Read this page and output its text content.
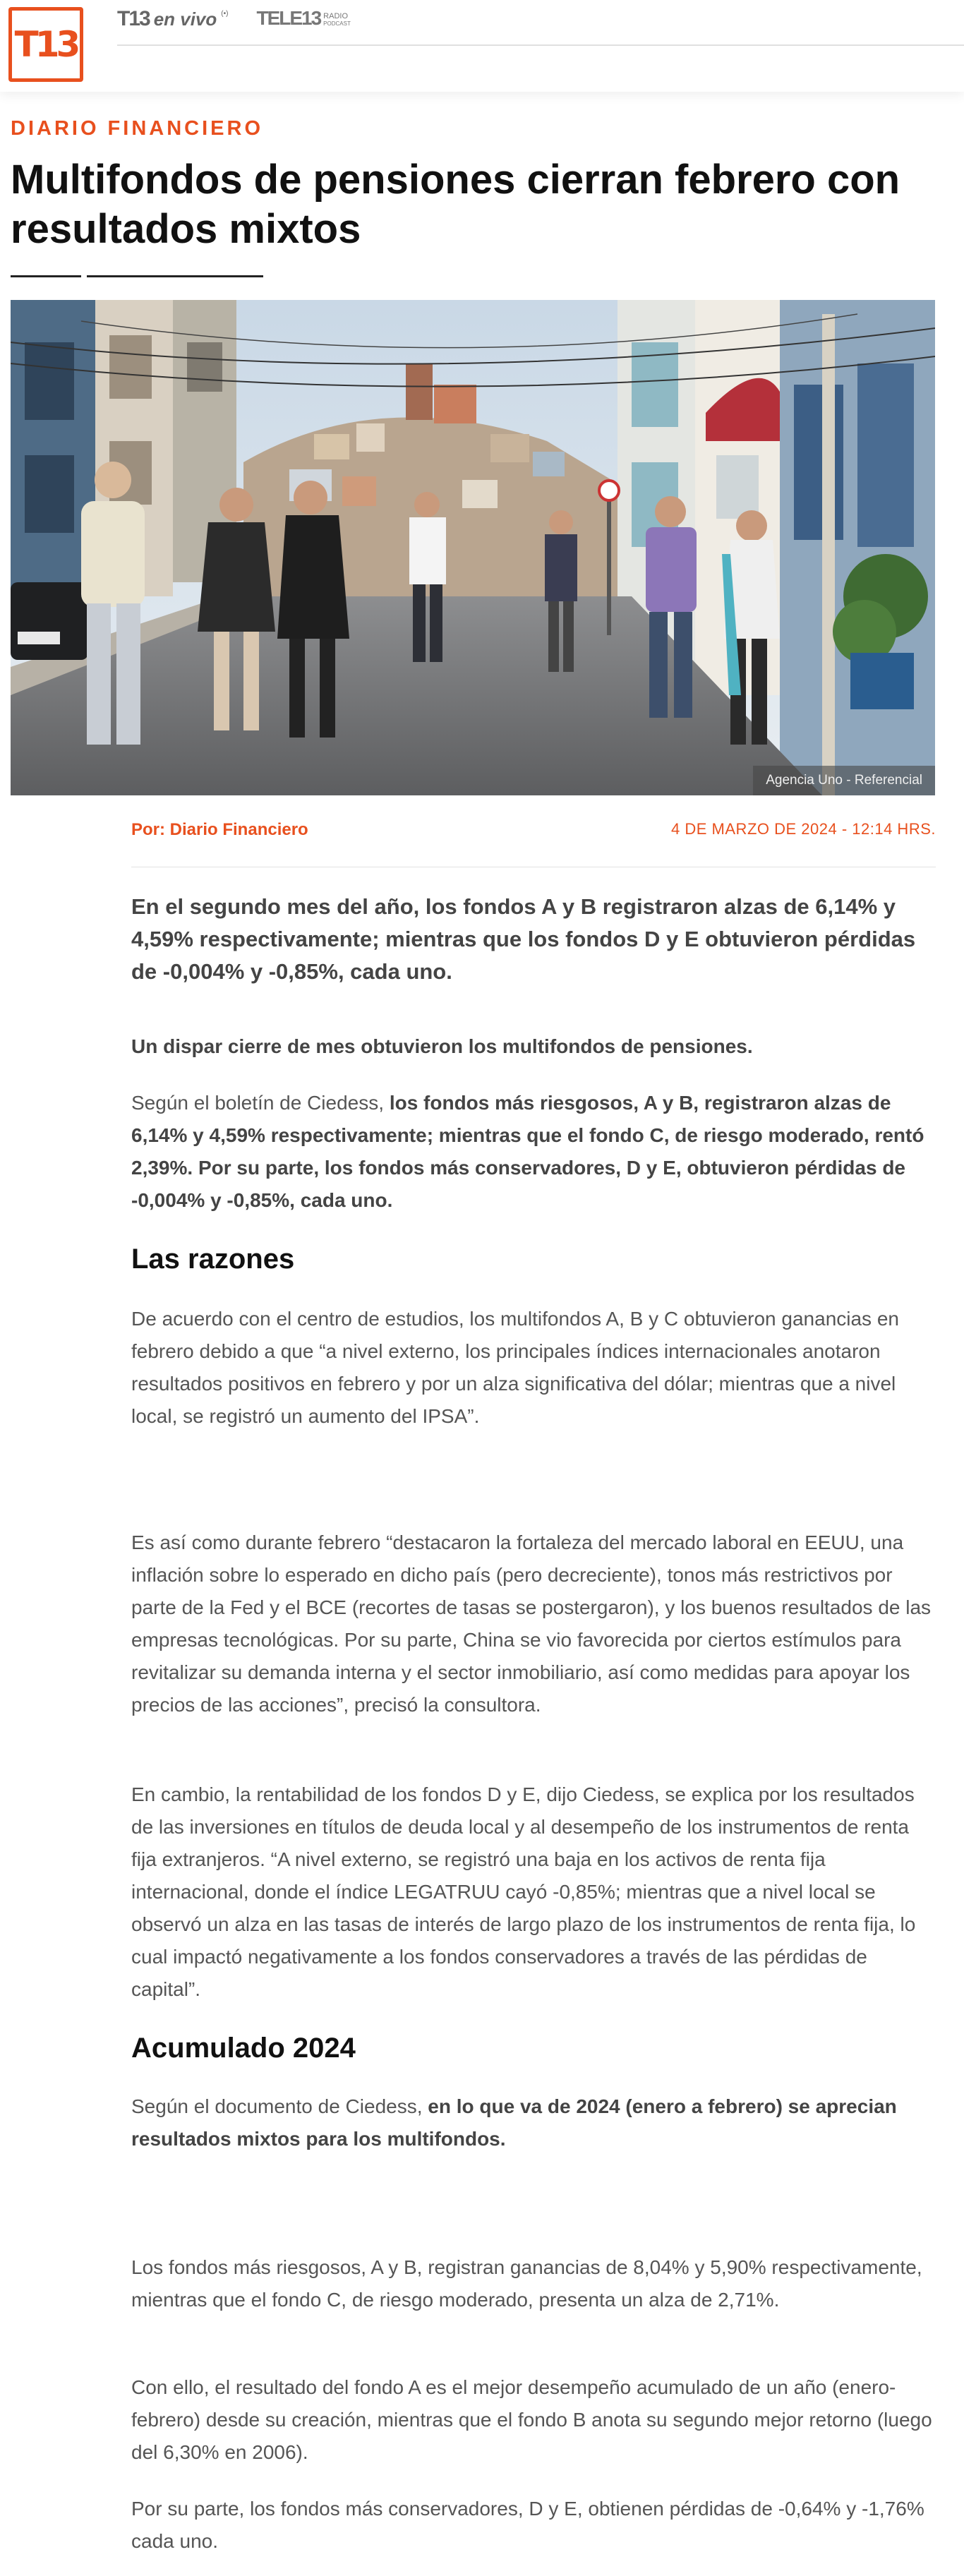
T13
T13 en vivo (•) TELE13 RADIO
PODCAST
DIARIO FINANCIERO
Multifondos de pensiones cierran febrero con resultados mixtos
Agencia Uno - Referencial
Por: Diario Financiero	4 DE MARZO DE 2024 - 12:14 HRS.

En el segundo mes del año, los fondos A y B registraron alzas de 6,14% y 4,59% respectivamente; mientras que los fondos D y E obtuvieron pérdidas de -0,004% y -0,85%, cada uno.

Un dispar cierre de mes obtuvieron los multifondos de pensiones.

Según el boletín de Ciedess, los fondos más riesgosos, A y B, registraron alzas de 6,14% y 4,59% respectivamente; mientras que el fondo C, de riesgo moderado, rentó 2,39%. Por su parte, los fondos más conservadores, D y E, obtuvieron pérdidas de -0,004% y -0,85%, cada uno.

Las razones

De acuerdo con el centro de estudios, los multifondos A, B y C obtuvieron ganancias en febrero debido a que “a nivel externo, los principales índices internacionales anotaron resultados positivos en febrero y por un alza significativa del dólar; mientras que a nivel local, se registró un aumento del IPSA”.

Es así como durante febrero “destacaron la fortaleza del mercado laboral en EEUU, una inflación sobre lo esperado en dicho país (pero decreciente), tonos más restrictivos por parte de la Fed y el BCE (recortes de tasas se postergaron), y los buenos resultados de las empresas tecnológicas. Por su parte, China se vio favorecida por ciertos estímulos para revitalizar su demanda interna y el sector inmobiliario, así como medidas para apoyar los precios de las acciones”, precisó la consultora.

En cambio, la rentabilidad de los fondos D y E, dijo Ciedess, se explica por los resultados de las inversiones en títulos de deuda local y al desempeño de los instrumentos de renta fija extranjeros. “A nivel externo, se registró una baja en los activos de renta fija internacional, donde el índice LEGATRUU cayó -0,85%; mientras que a nivel local se observó un alza en las tasas de interés de largo plazo de los instrumentos de renta fija, lo cual impactó negativamente a los fondos conservadores a través de las pérdidas de capital”.

Acumulado 2024

Según el documento de Ciedess, en lo que va de 2024 (enero a febrero) se aprecian resultados mixtos para los multifondos.

Los fondos más riesgosos, A y B, registran ganancias de 8,04% y 5,90% respectivamente, mientras que el fondo C, de riesgo moderado, presenta un alza de 2,71%.

Con ello, el resultado del fondo A es el mejor desempeño acumulado de un año (enero-febrero) desde su creación, mientras que el fondo B anota su segundo mejor retorno (luego del 6,30% en 2006).

Por su parte, los fondos más conservadores, D y E, obtienen pérdidas de -0,64% y -1,76% cada uno.
